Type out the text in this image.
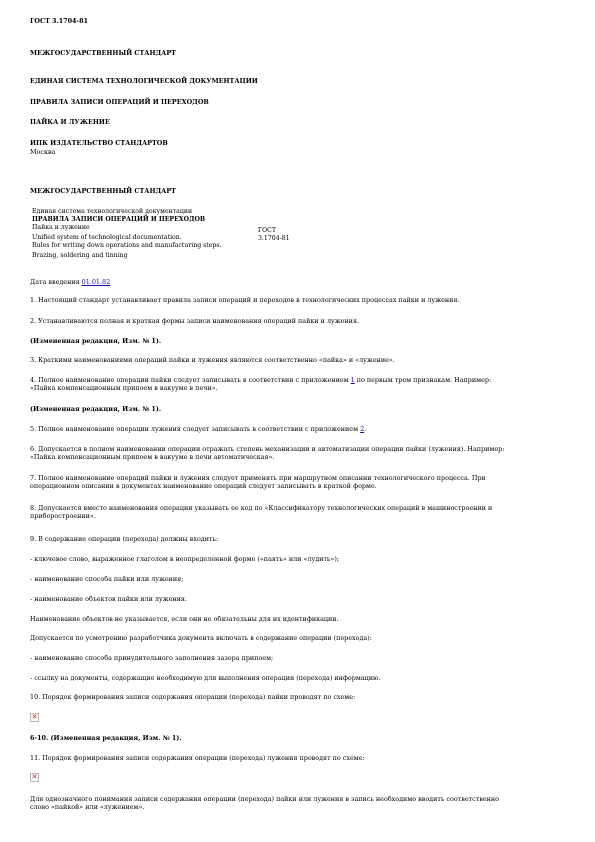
ГОСТ 3.1704-81
МЕЖГОСУДАРСТВЕННЫЙ СТАНДАРТ
ЕДИНАЯ СИСТЕМА ТЕХНОЛОГИЧЕСКОЙ ДОКУМЕНТАЦИИ
ПРАВИЛА ЗАПИСИ ОПЕРАЦИЙ И ПЕРЕХОДОВ
ПАЙКА И ЛУЖЕНИЕ
ИПК ИЗДАТЕЛЬСТВО СТАНДАРТОВ
Москва
МЕЖГОСУДАРСТВЕННЫЙ СТАНДАРТ
Единая система технологической документации
ПРАВИЛА ЗАПИСИ ОПЕРАЦИЙ И ПЕРЕХОДОВ
Пайка и лужение
Unified system of technological documentation.
Rules for writing down operations and manufacturing steps.
Brazing, soldering and tinning
ГОСТ
3.1704-81
Дата введения 01.01.82
1. Настоящий стандарт устанавливает правила записи операций и переходов в технологических процессах пайки и лужения.
2. Устанавливаются полная и краткая формы записи наименования операций пайки и лужения.
(Измененная редакция, Изм. № 1).
3. Краткими наименованиями операций пайки и лужения являются соответственно «пайка» и «лужение».
4. Полное наименование операции пайки следует записывать в соответствии с приложением 1 по первым трем признакам. Например:
«Пайка компенсационным припоем в вакууме в печи».
(Измененная редакция, Изм. № 1).
5. Полное наименование операции лужения следует записывать в соответствии с приложением 2.
6. Допускается в полном наименовании операции отражать степень механизации и автоматизации операции пайки (лужения). Например:
«Пайка компенсационным припоем в вакууме в печи автоматическая».
7. Полное наименование операций пайки и лужения следует применять при маршрутном описании технологического процесса. При
операционном описании в документах наименование операций следует записывать в краткой форме.
8. Допускается вместо наименования операции указывать ее код по «Классификатору технологических операций в машиностроении и
приборостроении».
9. В содержание операции (перехода) должны входить:
- ключевое слово, выраженное глаголом в неопределенной форме («паять» или «лудить»);
- наименование способа пайки или лужения;
- наименование объектов пайки или лужения.
Наименование объектов не указывается, если они не обязательны для их идентификации.
Допускается по усмотрению разработчика документа включать в содержание операции (перехода):
- наименование способа принудительного заполнения зазора припоем;
- ссылку на документы, содержащие необходимую для выполнения операции (перехода) информацию.
10. Порядок формирования записи содержания операции (перехода) пайки проводят по схеме:
✕
6-10. (Измененная редакция, Изм. № 1).
11. Порядок формирования записи содержания операции (перехода) лужения проводят по схеме:
✕
Для однозначного понимания записи содержания операции (перехода) пайки или лужения в запись необходимо вводить соответственно
слово «пайкой» или «лужением».
